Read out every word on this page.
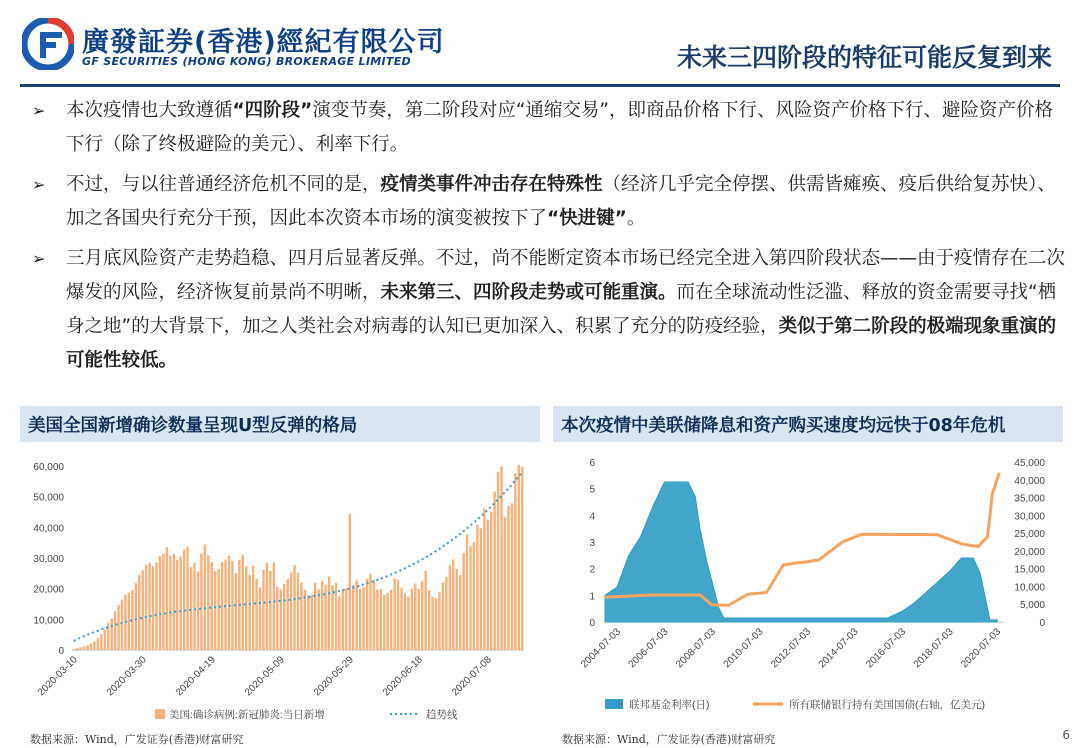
廣發証券(香港)經紀有限公司
GF SECURITIES (HONG KONG) BROKERAGE LIMITED	未来三四阶段的特征可能反复到来
➢ 本次疫情也大致遵循“四阶段”演变节奏，第二阶段对应“通缩交易”，即商品价格下行、风险资产价格下行、避险资产价格下行（除了终极避险的美元）、利率下行。
➢ 不过，与以往普通经济危机不同的是，疫情类事件冲击存在特殊性（经济几乎完全停摆、供需皆瘫痪、疫后供给复苏快）、加之各国央行充分干预，因此本次资本市场的演变被按下了“快进键”。
➢ 三月底风险资产走势趋稳、四月后显著反弹。不过，尚不能断定资本市场已经完全进入第四阶段状态——由于疫情存在二次爆发的风险，经济恢复前景尚不明晰，未来第三、四阶段走势或可能重演。而在全球流动性泛滥、释放的资金需要寻找“栖身之地”的大背景下，加之人类社会对病毒的认知已更加深入、积累了充分的防疫经验，类似于第二阶段的极端现象重演的可能性较低。
美国全国新增确诊数量呈现U型反弹的格局
0
10,000
20,000
30,000
40,000
50,000
60,000
2020-03-10	2020-03-30	2020-04-19	2020-05-09	2020-05-29	2020-06-18	2020-07-08
美国:确诊病例:新冠肺炎:当日新增	趋势线
本次疫情中美联储降息和资产购买速度均远快于08年危机
0
1
2
3
4
5
6
0
5,000
10,000
15,000
20,000
25,000
30,000
35,000
40,000
45,000
2004-07-03 2006-07-03 2008-07-03 2010-07-03 2012-07-03 2014-07-03 2016-07-03 2018-07-03 2020-07-03
联邦基金利率(日)	所有联储银行持有美国国债(右轴，亿美元)
数据来源：Wind，广发证券(香港)财富研究	数据来源：Wind，广发证券(香港)财富研究	6
